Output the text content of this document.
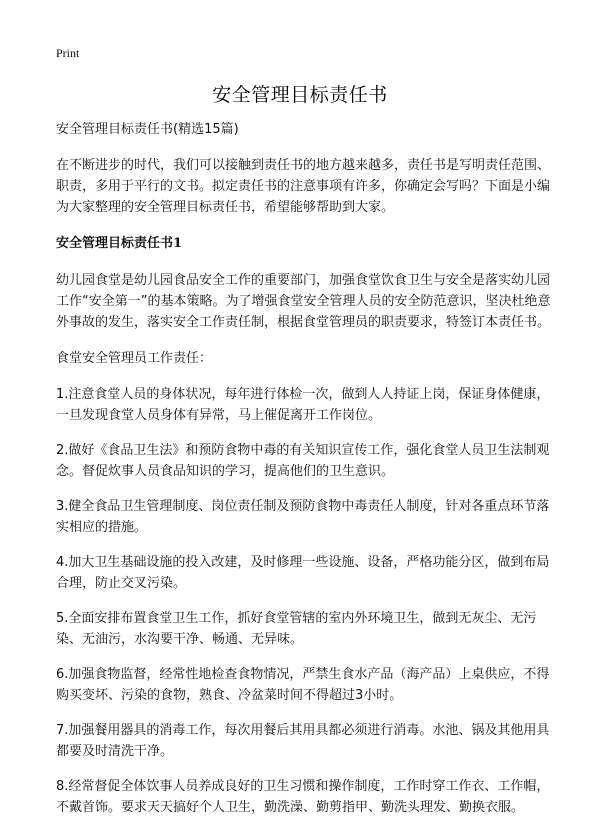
Print
安全管理目标责任书

安全管理目标责任书(精选15篇)

在不断进步的时代，我们可以接触到责任书的地方越来越多，责任书是写明责任范围、职责，多用于平行的文书。拟定责任书的注意事项有许多，你确定会写吗？下面是小编为大家整理的安全管理目标责任书，希望能够帮助到大家。

安全管理目标责任书1

幼儿园食堂是幼儿园食品安全工作的重要部门，加强食堂饮食卫生与安全是落实幼儿园工作“安全第一”的基本策略。为了增强食堂安全管理人员的安全防范意识，坚决杜绝意外事故的发生，落实安全工作责任制，根据食堂管理员的职责要求，特签订本责任书。

食堂安全管理员工作责任：

1.注意食堂人员的身体状况，每年进行体检一次，做到人人持证上岗，保证身体健康，一旦发现食堂人员身体有异常，马上催促离开工作岗位。

2.做好《食品卫生法》和预防食物中毒的有关知识宣传工作，强化食堂人员卫生法制观念。督促炊事人员食品知识的学习，提高他们的卫生意识。

3.健全食品卫生管理制度、岗位责任制及预防食物中毒责任人制度，针对各重点环节落实相应的措施。

4.加大卫生基础设施的投入改建，及时修理一些设施、设备，严格功能分区，做到布局合理，防止交叉污染。

5.全面安排布置食堂卫生工作，抓好食堂管辖的室内外环境卫生，做到无灰尘、无污染、无油污，水沟要干净、畅通、无异味。

6.加强食物监督，经常性地检查食物情况，严禁生食水产品（海产品）上桌供应，不得购买变坏、污染的食物，熟食、冷盆菜时间不得超过3小时。

7.加强餐用器具的消毒工作，每次用餐后其用具都必须进行消毒。水池、锅及其他用具都要及时清洗干净。

8.经常督促全体饮事人员养成良好的卫生习惯和操作制度，工作时穿工作衣、工作帽，不戴首饰。要求天天搞好个人卫生，勤洗澡、勤剪指甲、勤洗头理发、勤换衣服。
